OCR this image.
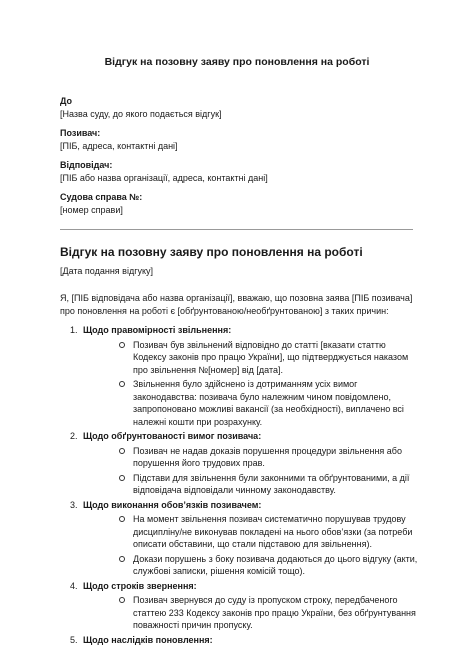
Відгук на позовну заяву про поновлення на роботі
До
[Назва суду, до якого подається відгук]
Позивач:
[ПІБ, адреса, контактні дані]
Відповідач:
[ПІБ або назва організації, адреса, контактні дані]
Судова справа №:
[номер справи]
Відгук на позовну заяву про поновлення на роботі
[Дата подання відгуку]
Я, [ПІБ відповідача або назва організації], вважаю, що позовна заява [ПІБ позивача] про поновлення на роботі є [обґрунтованою/необґрунтованою] з таких причин:
1. Щодо правомірності звільнення:
Позивач був звільнений відповідно до статті [вказати статтю Кодексу законів про працю України], що підтверджується наказом про звільнення №[номер] від [дата].
Звільнення було здійснено із дотриманням усіх вимог законодавства: позивача було належним чином повідомлено, запропоновано можливі вакансії (за необхідності), виплачено всі належні кошти при розрахунку.
2. Щодо обґрунтованості вимог позивача:
Позивач не надав доказів порушення процедури звільнення або порушення його трудових прав.
Підстави для звільнення були законними та обґрунтованими, а дії відповідача відповідали чинному законодавству.
3. Щодо виконання обов’язків позивачем:
На момент звільнення позивач систематично порушував трудову дисципліну/не виконував покладені на нього обов’язки (за потреби описати обставини, що стали підставою для звільнення).
Докази порушень з боку позивача додаються до цього відгуку (акти, службові записки, рішення комісій тощо).
4. Щодо строків звернення:
Позивач звернувся до суду із пропуском строку, передбаченого статтею 233 Кодексу законів про працю України, без обґрунтування поважності причин пропуску.
5. Щодо наслідків поновлення:
